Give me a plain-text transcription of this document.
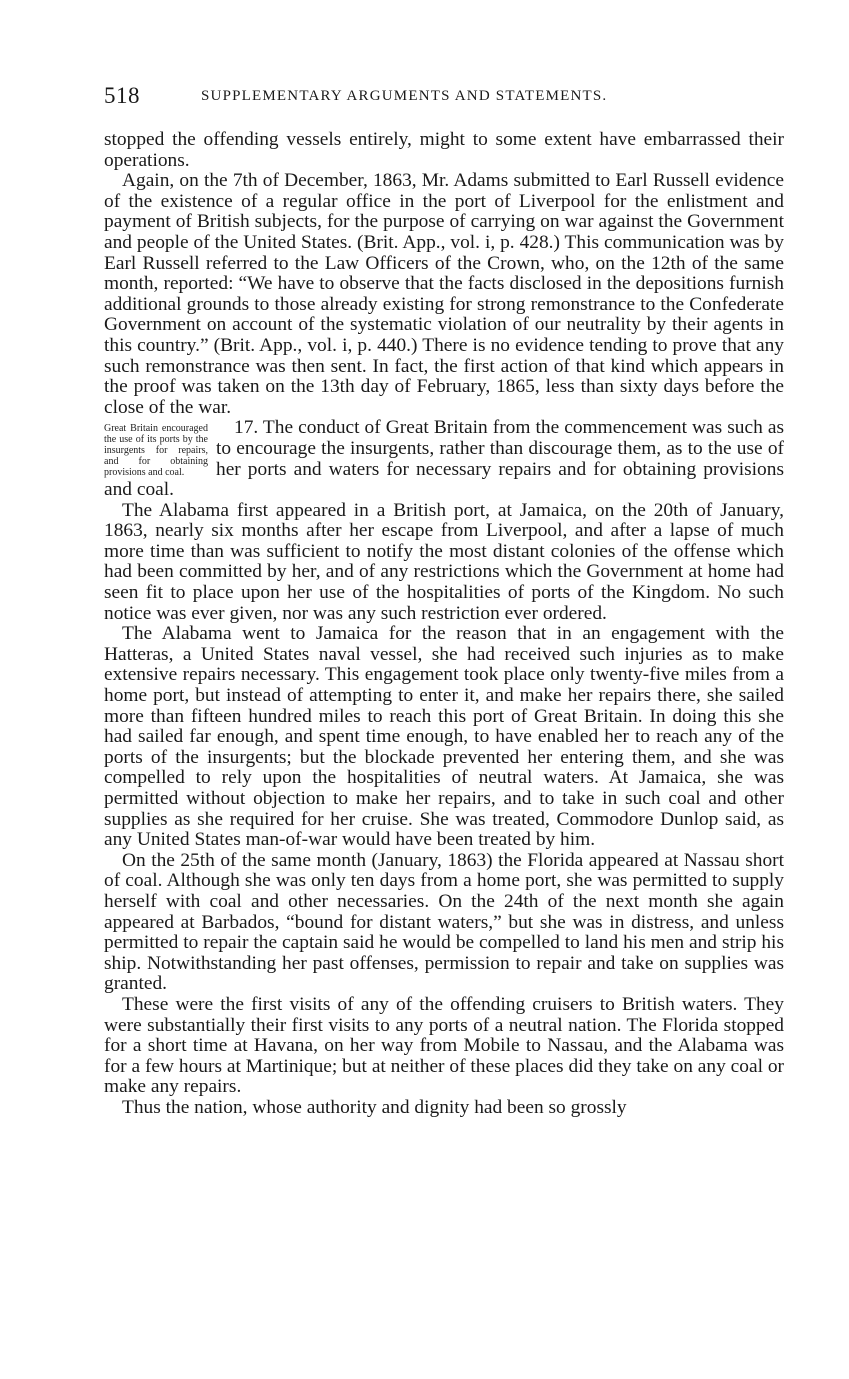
518	SUPPLEMENTARY ARGUMENTS AND STATEMENTS.

stopped the offending vessels entirely, might to some extent have embarrassed their operations.

Again, on the 7th of December, 1863, Mr. Adams submitted to Earl Russell evidence of the existence of a regular office in the port of Liverpool for the enlistment and payment of British subjects, for the purpose of carrying on war against the Government and people of the United States. (Brit. App., vol. i, p. 428.) This communication was by Earl Russell referred to the Law Officers of the Crown, who, on the 12th of the same month, reported: “We have to observe that the facts disclosed in the depositions furnish additional grounds to those already existing for strong remonstrance to the Confederate Government on account of the systematic violation of our neutrality by their agents in this country.” (Brit. App., vol. i, p. 440.) There is no evidence tending to prove that any such remonstrance was then sent. In fact, the first action of that kind which appears in the proof was taken on the 13th day of February, 1865, less than sixty days before the close of the war.

Great Britain encouraged the use of its ports by the insurgents for repairs, and for obtaining provisions and coal.

17. The conduct of Great Britain from the commencement was such as to encourage the insurgents, rather than discourage them, as to the use of her ports and waters for necessary repairs and for obtaining provisions and coal.

The Alabama first appeared in a British port, at Jamaica, on the 20th of January, 1863, nearly six months after her escape from Liverpool, and after a lapse of much more time than was sufficient to notify the most distant colonies of the offense which had been committed by her, and of any restrictions which the Government at home had seen fit to place upon her use of the hospitalities of ports of the Kingdom. No such notice was ever given, nor was any such restriction ever ordered.

The Alabama went to Jamaica for the reason that in an engagement with the Hatteras, a United States naval vessel, she had received such injuries as to make extensive repairs necessary. This engagement took place only twenty-five miles from a home port, but instead of attempting to enter it, and make her repairs there, she sailed more than fifteen hundred miles to reach this port of Great Britain. In doing this she had sailed far enough, and spent time enough, to have enabled her to reach any of the ports of the insurgents; but the blockade prevented her entering them, and she was compelled to rely upon the hospitalities of neutral waters. At Jamaica, she was permitted without objection to make her repairs, and to take in such coal and other supplies as she required for her cruise. She was treated, Commodore Dunlop said, as any United States man-of-war would have been treated by him.

On the 25th of the same month (January, 1863) the Florida appeared at Nassau short of coal. Although she was only ten days from a home port, she was permitted to supply herself with coal and other necessaries. On the 24th of the next month she again appeared at Barbados, “bound for distant waters,” but she was in distress, and unless permitted to repair the captain said he would be compelled to land his men and strip his ship. Notwithstanding her past offenses, permission to repair and take on supplies was granted.

These were the first visits of any of the offending cruisers to British waters. They were substantially their first visits to any ports of a neutral nation. The Florida stopped for a short time at Havana, on her way from Mobile to Nassau, and the Alabama was for a few hours at Martinique; but at neither of these places did they take on any coal or make any repairs.

Thus the nation, whose authority and dignity had been so grossly
